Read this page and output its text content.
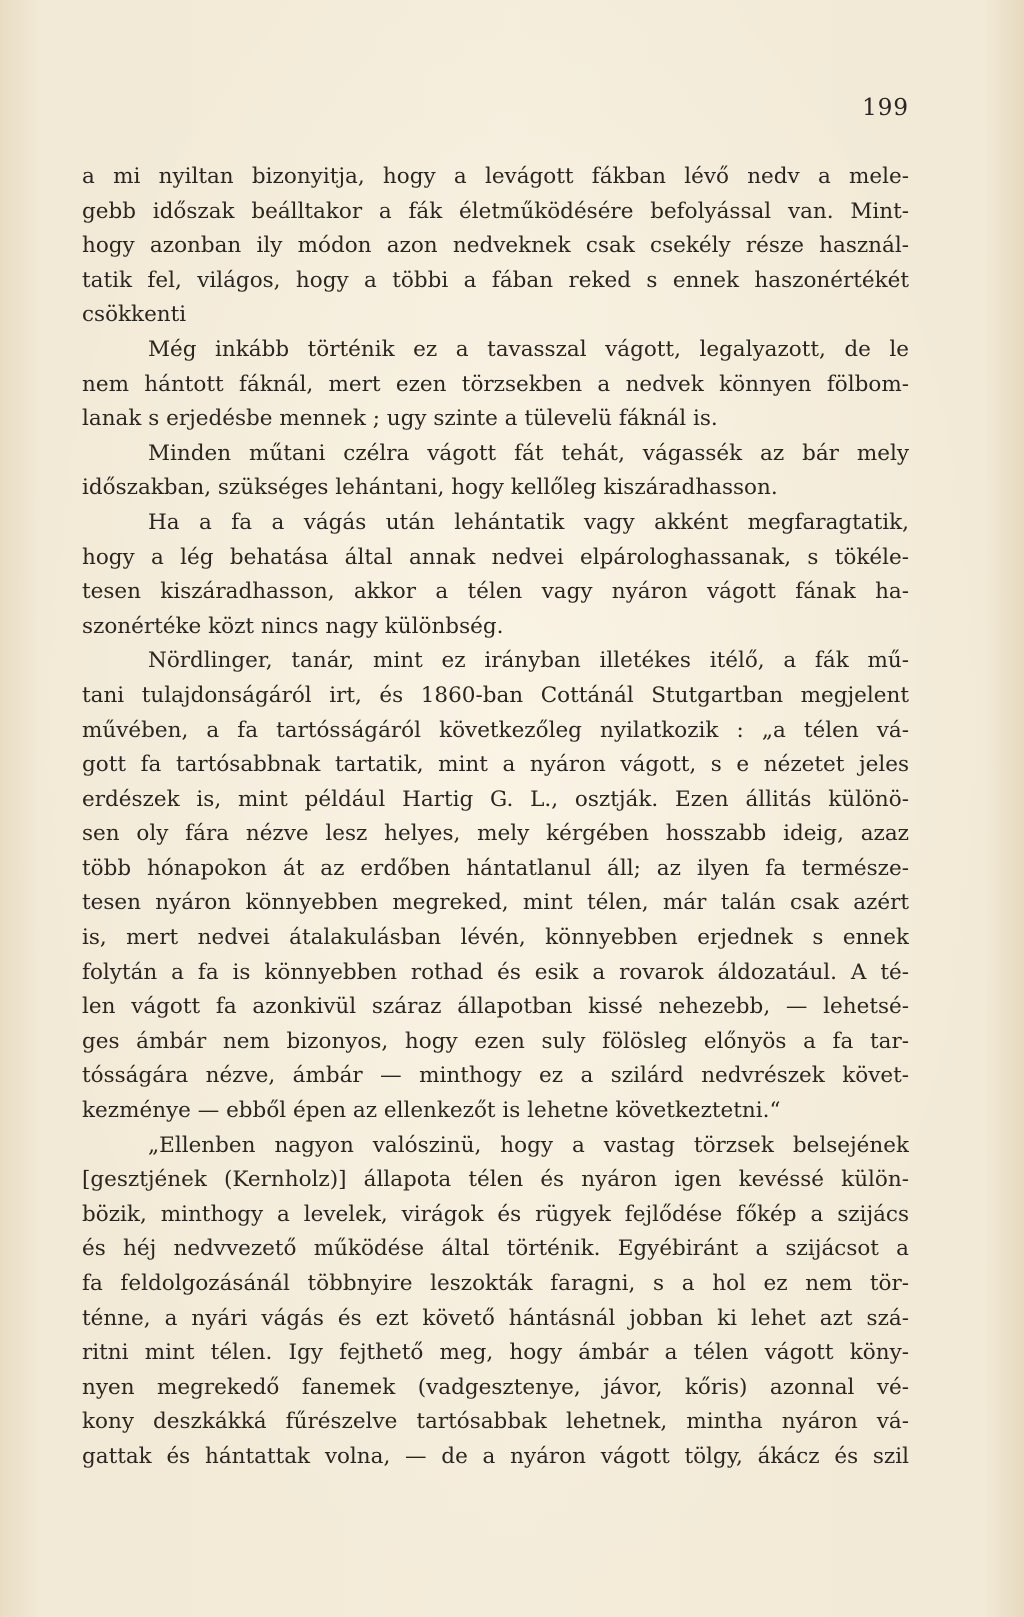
199
a mi nyiltan bizonyitja, hogy a levágott fákban lévő nedv a mele-
gebb időszak beálltakor a fák életműködésére befolyással van. Mint-
hogy azonban ily módon azon nedveknek csak csekély része használ-
tatik fel, világos, hogy a többi a fában reked s ennek haszonértékét
csökkenti
Még inkább történik ez a tavasszal vágott, legalyazott, de le
nem hántott fáknál, mert ezen törzsekben a nedvek könnyen fölbom-
lanak s erjedésbe mennek ; ugy szinte a tülevelü fáknál is.
Minden műtani czélra vágott fát tehát, vágassék az bár mely
időszakban, szükséges lehántani, hogy kellőleg kiszáradhasson.
Ha a fa a vágás után lehántatik vagy akként megfaragtatik,
hogy a lég behatása által annak nedvei elpárologhassanak, s tökéle-
tesen kiszáradhasson, akkor a télen vagy nyáron vágott fának ha-
szonértéke közt nincs nagy különbség.
Nördlinger, tanár, mint ez irányban illetékes itélő, a fák mű-
tani tulajdonságáról irt, és 1860-ban Cottánál Stutgartban megjelent
művében, a fa tartósságáról következőleg nyilatkozik : „a télen vá-
gott fa tartósabbnak tartatik, mint a nyáron vágott, s e nézetet jeles
erdészek is, mint például Hartig G. L., osztják. Ezen állitás különö-
sen oly fára nézve lesz helyes, mely kérgében hosszabb ideig, azaz
több hónapokon át az erdőben hántatlanul áll; az ilyen fa természe-
tesen nyáron könnyebben megreked, mint télen, már talán csak azért
is, mert nedvei átalakulásban lévén, könnyebben erjednek s ennek
folytán a fa is könnyebben rothad és esik a rovarok áldozatául. A té-
len vágott fa azonkivül száraz állapotban kissé nehezebb, — lehetsé-
ges ámbár nem bizonyos, hogy ezen suly fölösleg előnyös a fa tar-
tósságára nézve, ámbár — minthogy ez a szilárd nedvrészek követ-
kezménye — ebből épen az ellenkezőt is lehetne következtetni.“
„Ellenben nagyon valószinü, hogy a vastag törzsek belsejének
[gesztjének (Kernholz)] állapota télen és nyáron igen kevéssé külön-
bözik, minthogy a levelek, virágok és rügyek fejlődése főkép a szijács
és héj nedvvezető működése által történik. Egyébiránt a szijácsot a
fa feldolgozásánál többnyire leszokták faragni, s a hol ez nem tör-
ténne, a nyári vágás és ezt követő hántásnál jobban ki lehet azt szá-
ritni mint télen. Igy fejthető meg, hogy ámbár a télen vágott köny-
nyen megrekedő fanemek (vadgesztenye, jávor, kőris) azonnal vé-
kony deszkákká fűrészelve tartósabbak lehetnek, mintha nyáron vá-
gattak és hántattak volna, — de a nyáron vágott tölgy, ákácz és szil
